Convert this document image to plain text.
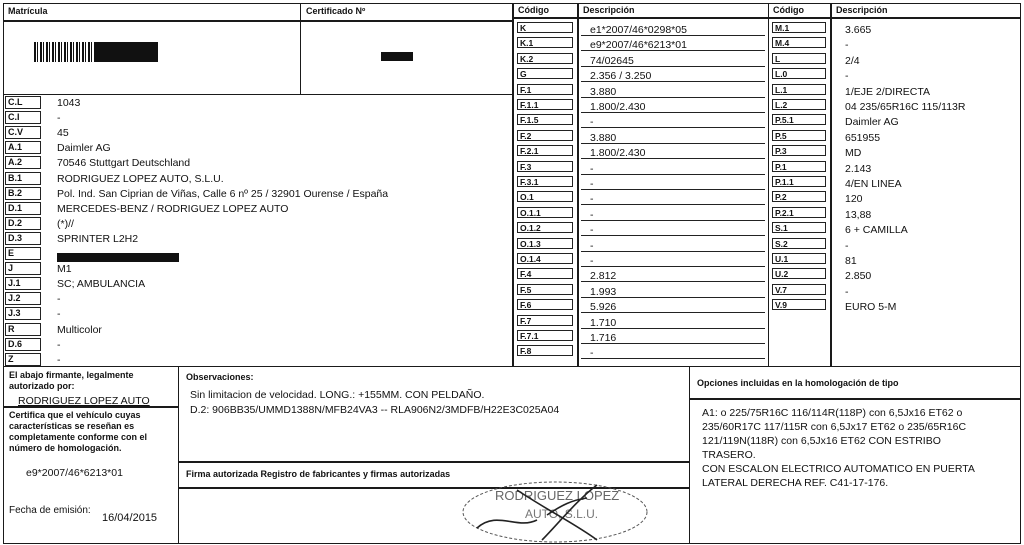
Matrícula	Certificado Nº	Código	Descripción
K	e1*2007/46*0298*05
K.1	e9*2007/46*6213*01
K.2	74/02645
G	2.356 / 3.250
F.1	3.880
F.1.1	1.800/2.430
F.1.5	-
F.2	3.880
F.2.1	1.800/2.430
F.3	-
F.3.1	-
O.1	-
O.1.1	-
O.1.2	-
O.1.3	-
O.1.4	-
F.4	2.812
F.5	1.993
F.6	5.926
F.7	1.710
F.7.1	1.716
F.8	-
Código	Descripción
M.1	3.665
M.4	-
L	2/4
L.0	-
L.1	1/EJE 2/DIRECTA
L.2	04 235/65R16C 115/113R
P.5.1	Daimler AG
P.5	651955
P.3	MD
P.1	2.143
P.1.1	4/EN LINEA
P.2	120
P.2.1	13,88
S.1	6 + CAMILLA
S.2	-
U.1	81
U.2	2.850
V.7	-
V.9	EURO 5-M
El abajo firmante, legalmente autorizado por:
RODRIGUEZ LOPEZ AUTO
Certifica que el vehículo cuyas características se reseñan es completamente conforme con el número de homologación.
e9*2007/46*6213*01
Fecha de emisión:
16/04/2015
Observaciones:
Sin limitacion de velocidad. LONG.: +155MM. CON PELDAÑO.
D.2: 906BB35/UMMD1388N/MFB24VA3 -- RLA906N2/3MDFB/H22E3C025A04
Firma autorizada Registro de fabricantes y firmas autorizadas
RODRIGUEZ LOPEZ
AUTO, S.L.U.
Opciones incluidas en la homologación de tipo
A1: o 225/75R16C 116/114R(118P) con 6,5Jx16 ET62 o
235/60R17C 117/115R con 6,5Jx17 ET62 o 235/65R16C
121/119N(118R) con 6,5Jx16 ET62 CON ESTRIBO
TRASERO.
CON ESCALON ELECTRICO AUTOMATICO EN PUERTA
LATERAL DERECHA REF. C41-17-176.
C.L	1043
C.I	-
C.V	45
A.1	Daimler AG
A.2	70546 Stuttgart Deutschland
B.1	RODRIGUEZ LOPEZ AUTO, S.L.U.
B.2	Pol. Ind. San Ciprian de Viñas, Calle 6 nº 25 / 32901 Ourense / España
D.1	MERCEDES-BENZ / RODRIGUEZ LOPEZ AUTO
D.2	(*)//
D.3	SPRINTER L2H2
E
J	M1
J.1	SC; AMBULANCIA
J.2	-
J.3	-
R	Multicolor
D.6	-
Z	-
